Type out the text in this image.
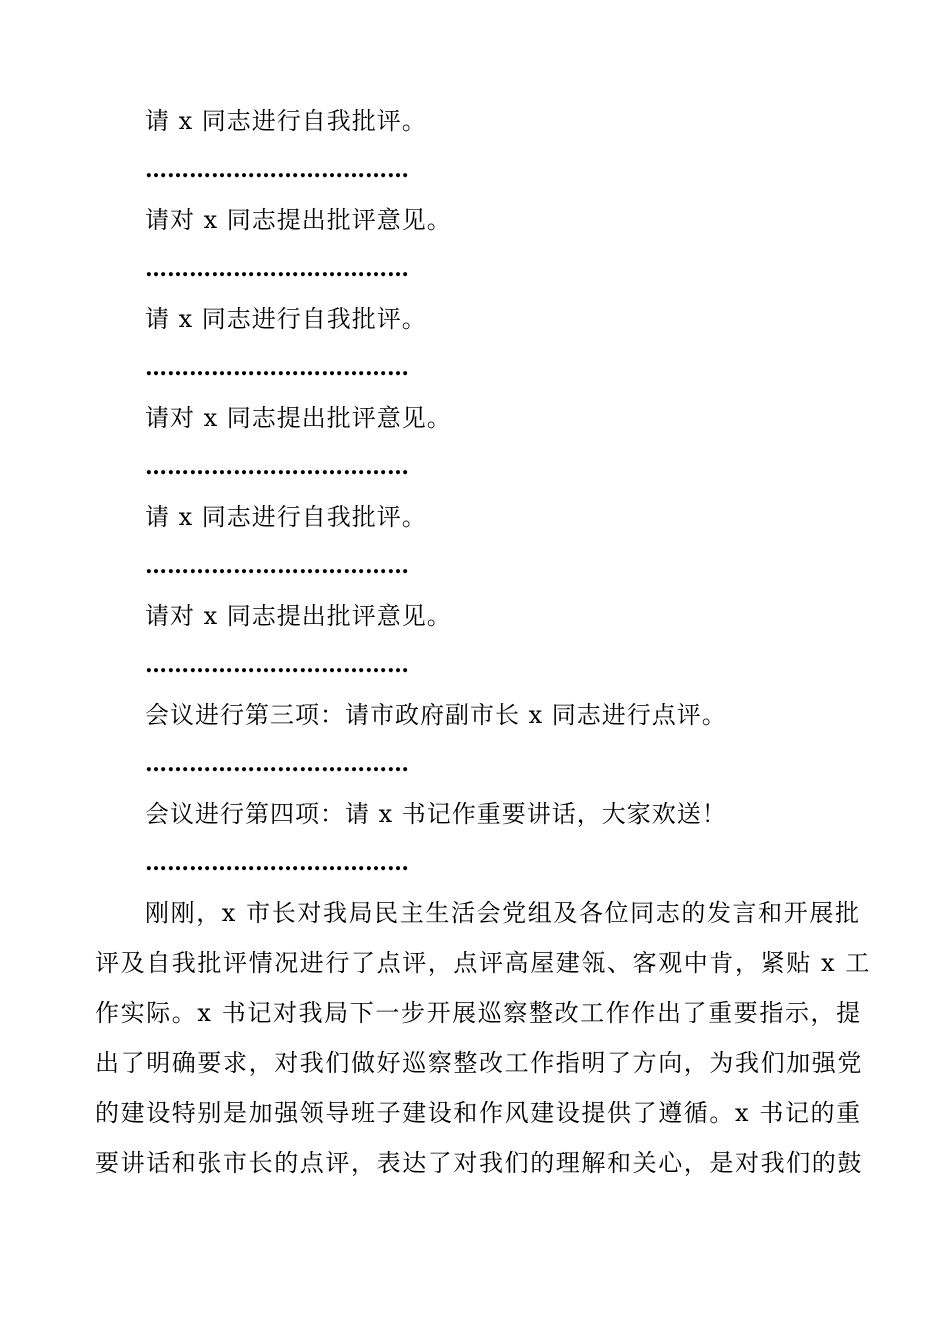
请 x 同志进行自我批评。
………………………………
请对 x 同志提出批评意见。
………………………………
请 x 同志进行自我批评。
………………………………
请对 x 同志提出批评意见。
………………………………
请 x 同志进行自我批评。
………………………………
请对 x 同志提出批评意见。
………………………………
会议进行第三项：请市政府副市长 x 同志进行点评。
………………………………
会议进行第四项：请 x 书记作重要讲话，大家欢送！
………………………………
刚刚，x 市长对我局民主生活会党组及各位同志的发言和开展批
评及自我批评情况进行了点评，点评高屋建瓴、客观中肯，紧贴 x 工
作实际。x 书记对我局下一步开展巡察整改工作作出了重要指示，提
出了明确要求，对我们做好巡察整改工作指明了方向，为我们加强党
的建设特别是加强领导班子建设和作风建设提供了遵循。x 书记的重
要讲话和张市长的点评，表达了对我们的理解和关心，是对我们的鼓
